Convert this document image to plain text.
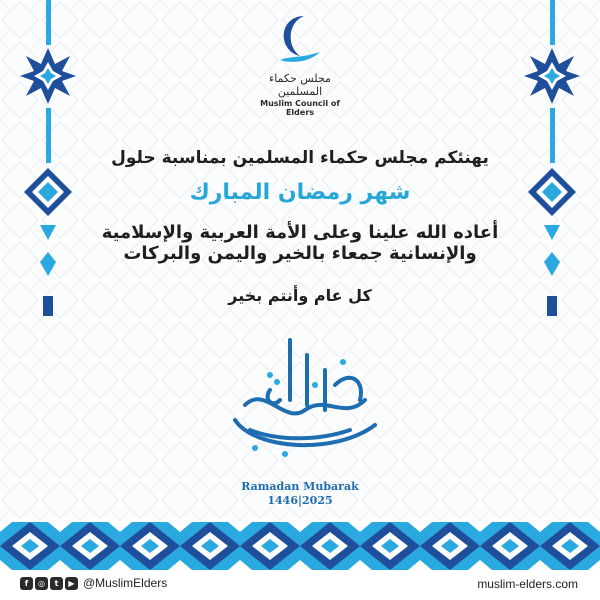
مجلس حكماء المسلمين
Muslim Council of Elders
يهنئكم مجلس حكماء المسلمين بمناسبة حلول
شهر رمضان المبارك
أعاده الله علينا وعلى الأمة العربية والإسلامية
والإنسانية جمعاء بالخير واليمن والبركات
كل عام وأنتم بخير
Ramadan Mubarak
1446|2025
f	◎	t	▶ @MuslimElders	muslim-elders.com
